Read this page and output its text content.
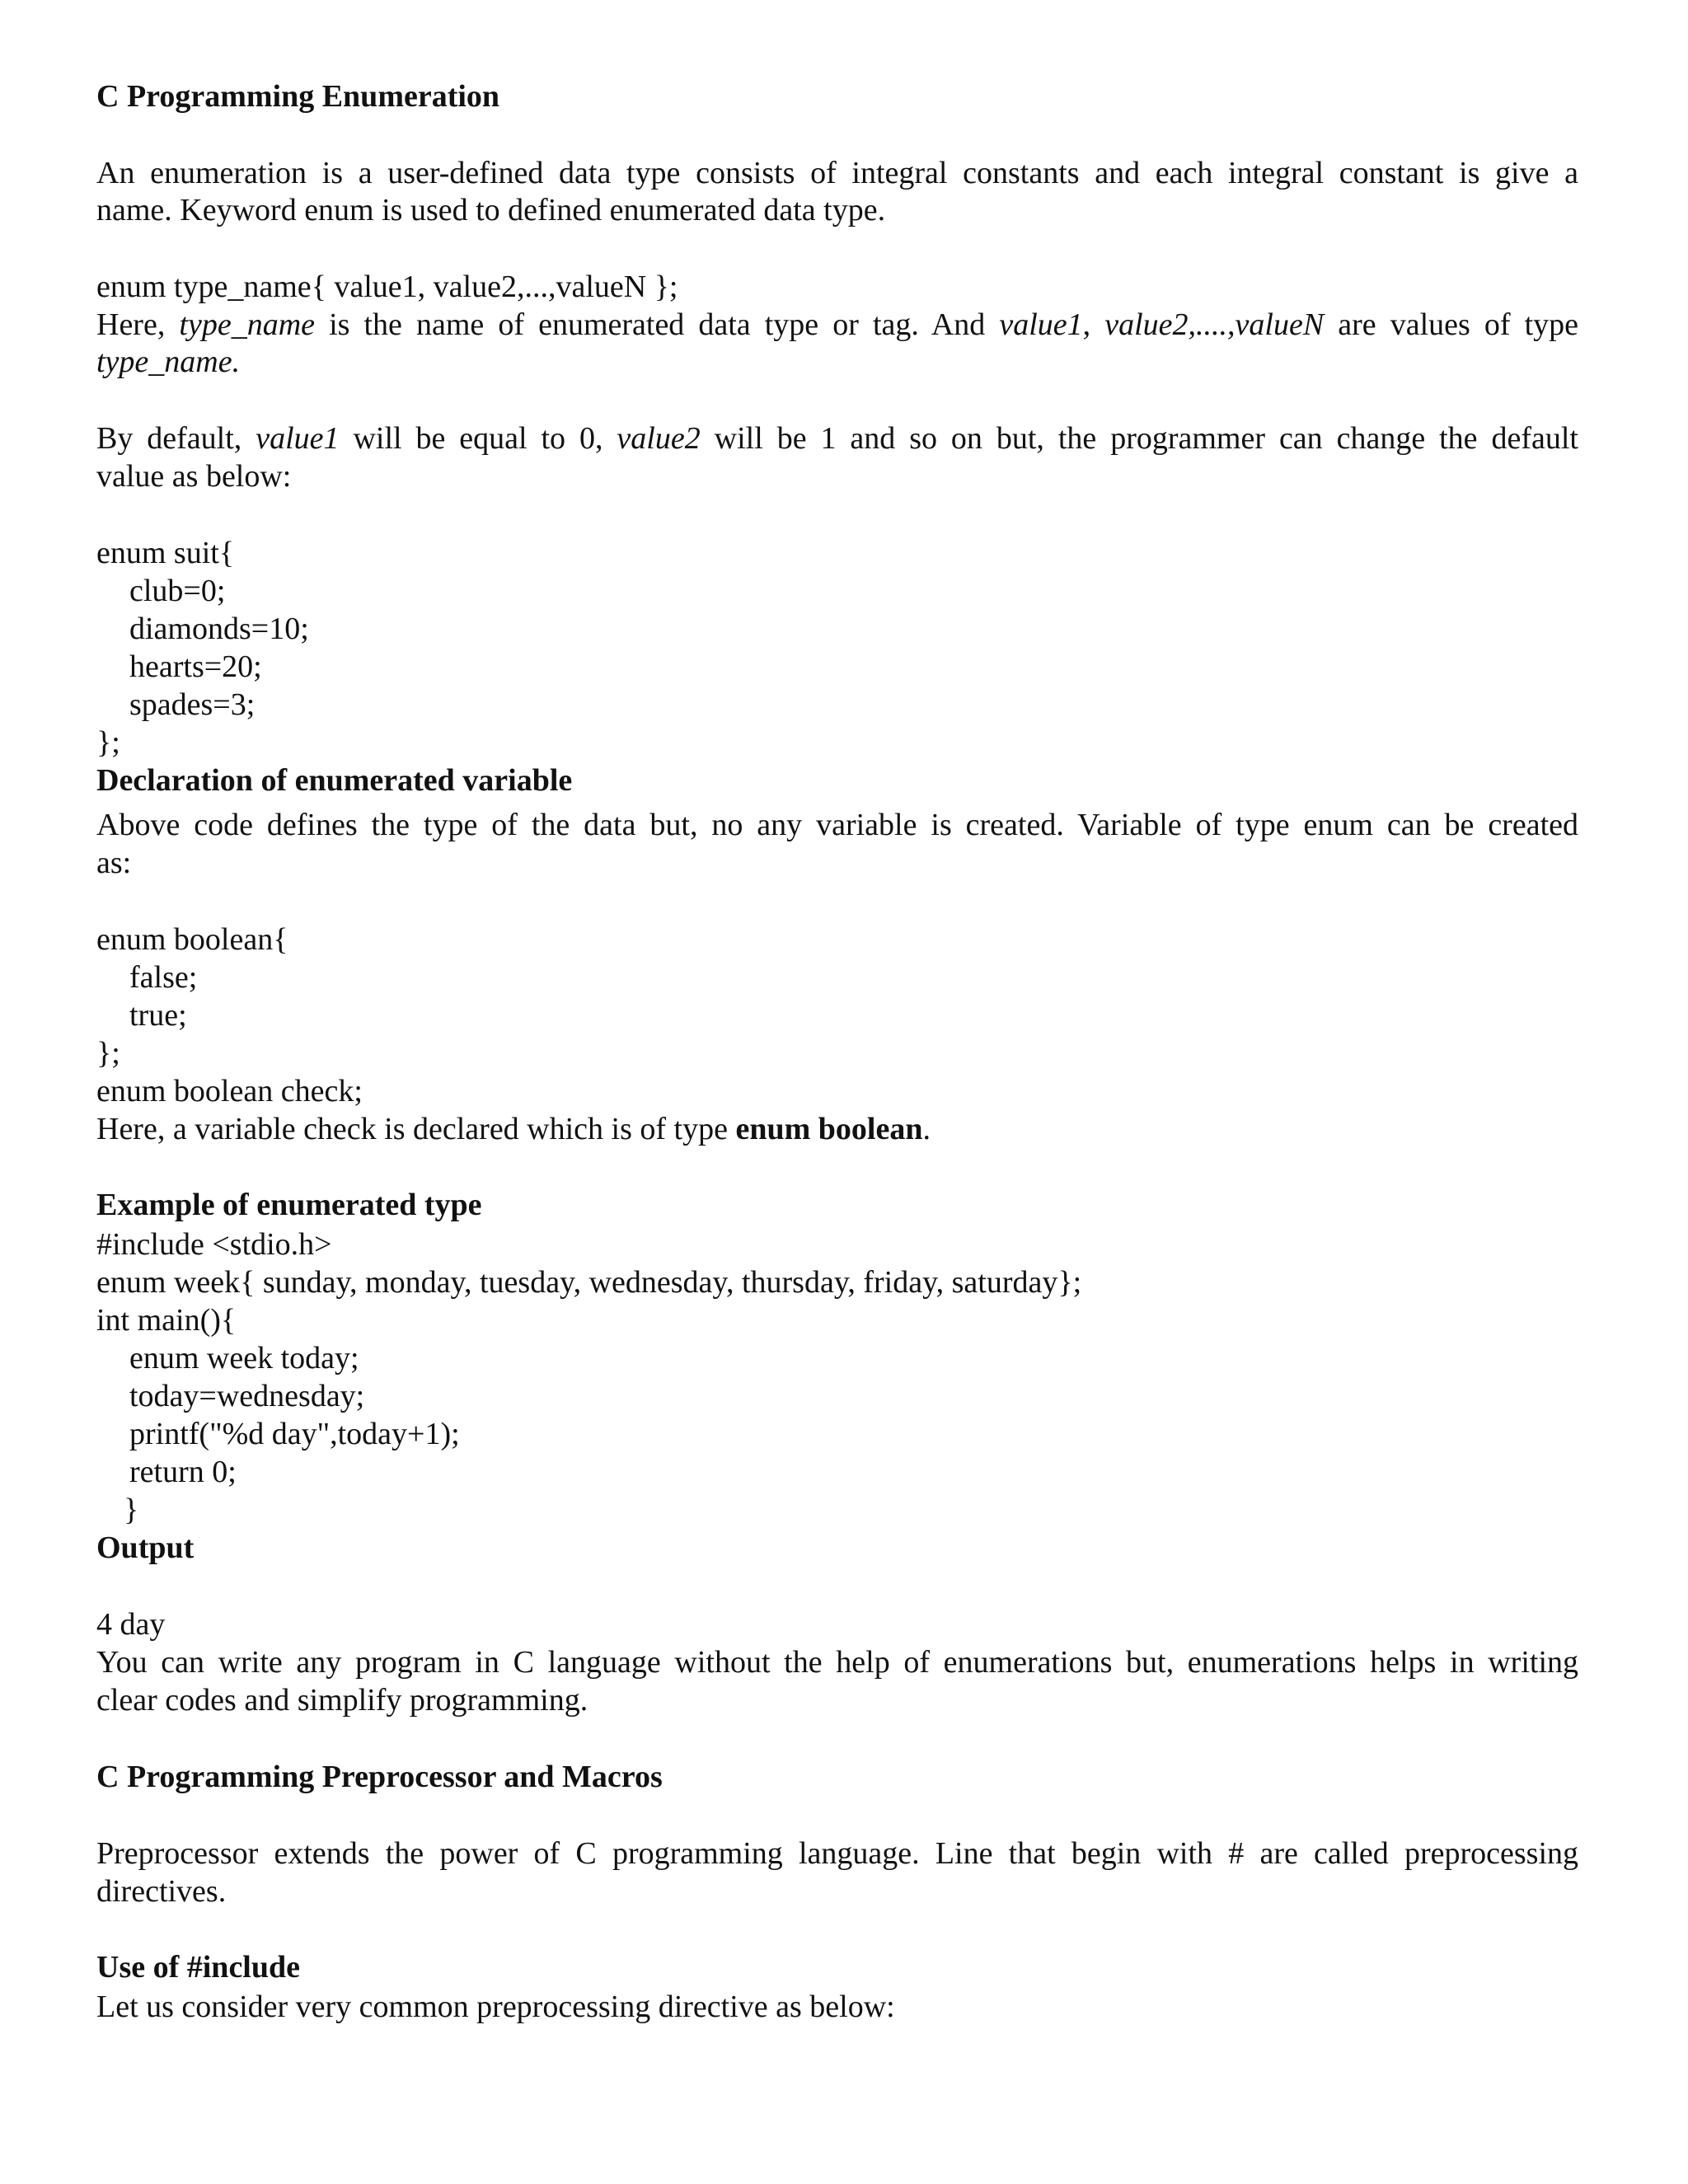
C Programming Enumeration
An enumeration is a user-defined data type consists of integral constants and each integral constant is give a
name. Keyword enum is used to defined enumerated data type.
enum type_name{ value1, value2,...,valueN };
Here, type_name is the name of enumerated data type or tag. And value1, value2,....,valueN are values of type
type_name.
By default, value1 will be equal to 0, value2 will be 1 and so on but, the programmer can change the default
value as below:
enum suit{
club=0;
diamonds=10;
hearts=20;
spades=3;
};
Declaration of enumerated variable
Above code defines the type of the data but, no any variable is created. Variable of type enum can be created
as:
enum boolean{
false;
true;
};
enum boolean check;
Here, a variable check is declared which is of type enum boolean.
Example of enumerated type
#include <stdio.h>
enum week{ sunday, monday, tuesday, wednesday, thursday, friday, saturday};
int main(){
enum week today;
today=wednesday;
printf("%d day",today+1);
return 0;
}
Output
4 day
You can write any program in C language without the help of enumerations but, enumerations helps in writing
clear codes and simplify programming.
C Programming Preprocessor and Macros
Preprocessor extends the power of C programming language. Line that begin with # are called preprocessing
directives.
Use of #include
Let us consider very common preprocessing directive as below:
